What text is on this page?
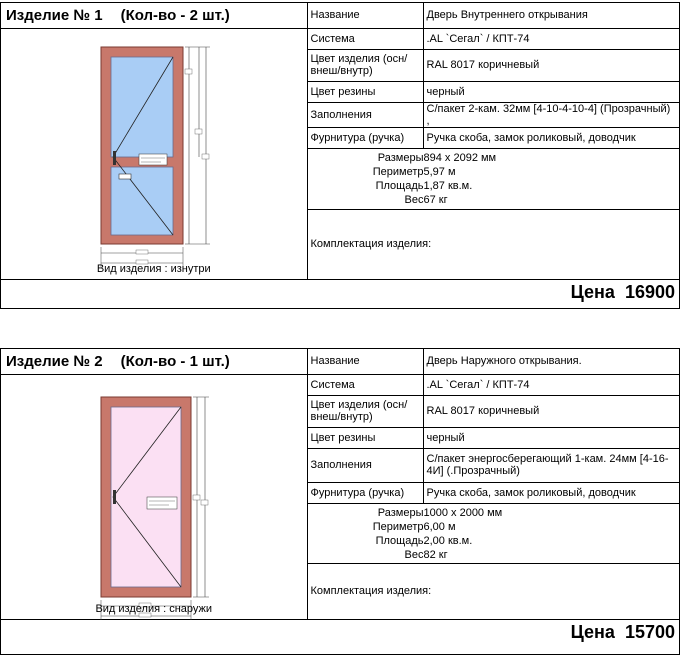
Изделие № 1 (Кол-во - 2 шт.)	Название	Дверь Внутреннего открывания

Вид изделия : изнутри
	Система	.AL `Сегал` / КПТ-74
Цвет изделия (осн/внеш/внутр)	RAL 8017 коричневый
Цвет резины	черный
Заполнения	С/пакет 2-кам. 32мм [4-10-4-10-4] (Прозрачный) ,
Фурнитура (ручка)	Ручка скоба, замок роликовый, доводчик

Размеры	894 x 2092 мм
Периметр	5,97 м
Площадь	1,87 кв.м.
Вес	67 кг

Комплектация изделия:
Цена 16900
Изделие № 2 (Кол-во - 1 шт.)	Название	Дверь Наружного открывания.

Вид изделия : снаружи
	Система	.AL `Сегал` / КПТ-74
Цвет изделия (осн/внеш/внутр)	RAL 8017 коричневый
Цвет резины	черный
Заполнения	С/пакет энергосберегающий 1-кам. 24мм [4-16-4И] (.Прозрачный)
Фурнитура (ручка)	Ручка скоба, замок роликовый, доводчик

Размеры	1000 x 2000 мм
Периметр	6,00 м
Площадь	2,00 кв.м.
Вес	82 кг

Комплектация изделия:
Цена 15700
